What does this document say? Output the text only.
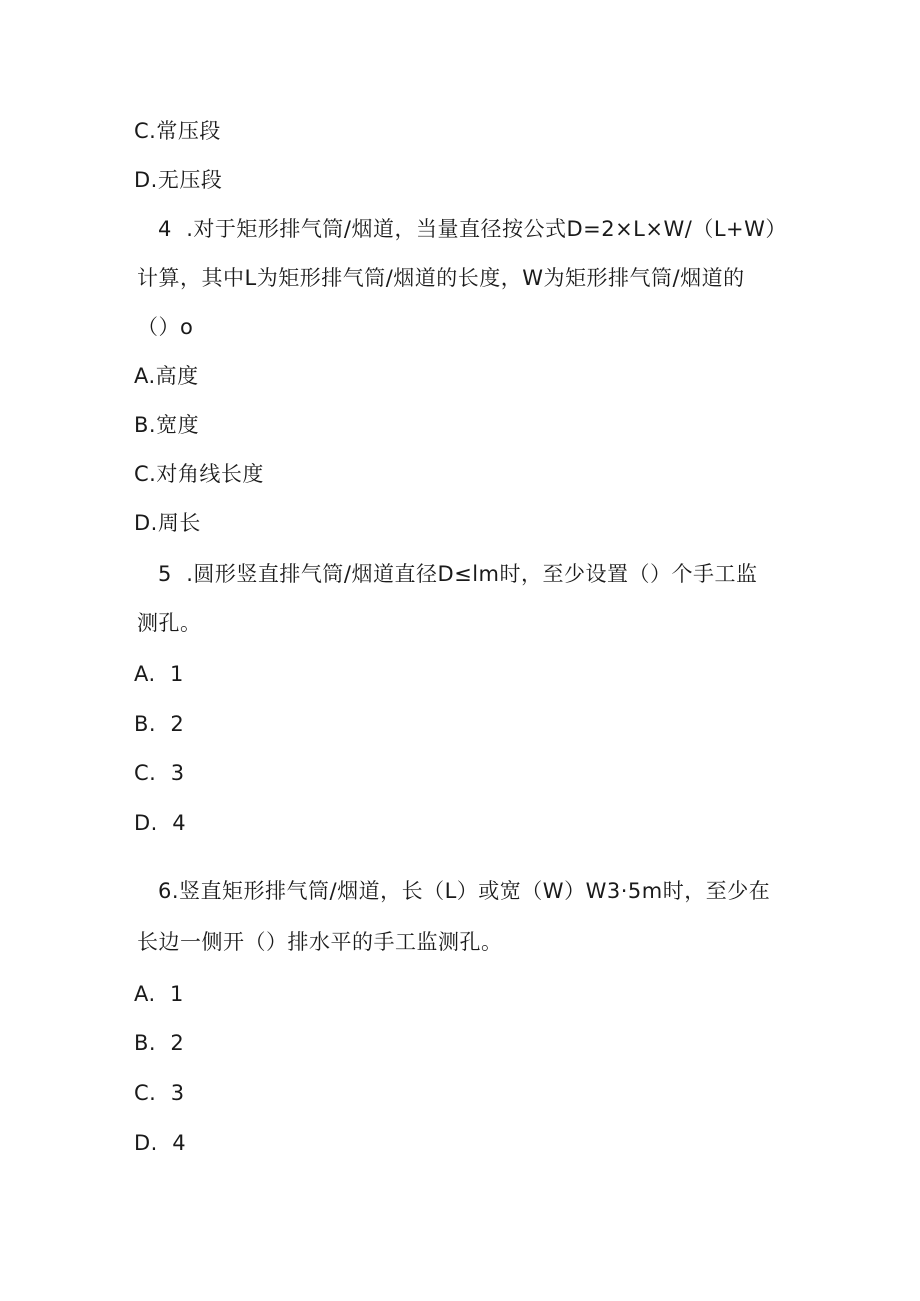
C.常压段
D.无压段
4  .对于矩形排气筒/烟道，当量直径按公式D=2×L×W/（L+W）
计算，其中L为矩形排气筒/烟道的长度，W为矩形排气筒/烟道的
（）o
A.高度
B.宽度
C.对角线长度
D.周长
5  .圆形竖直排气筒/烟道直径D≤lm时，至少设置（）个手工监
测孔。
A.  1
B.  2
C.  3
D.  4
6.竖直矩形排气筒/烟道，长（L）或宽（W）W3·5m时，至少在
长边一侧开（）排水平的手工监测孔。
A.  1
B.  2
C.  3
D.  4
